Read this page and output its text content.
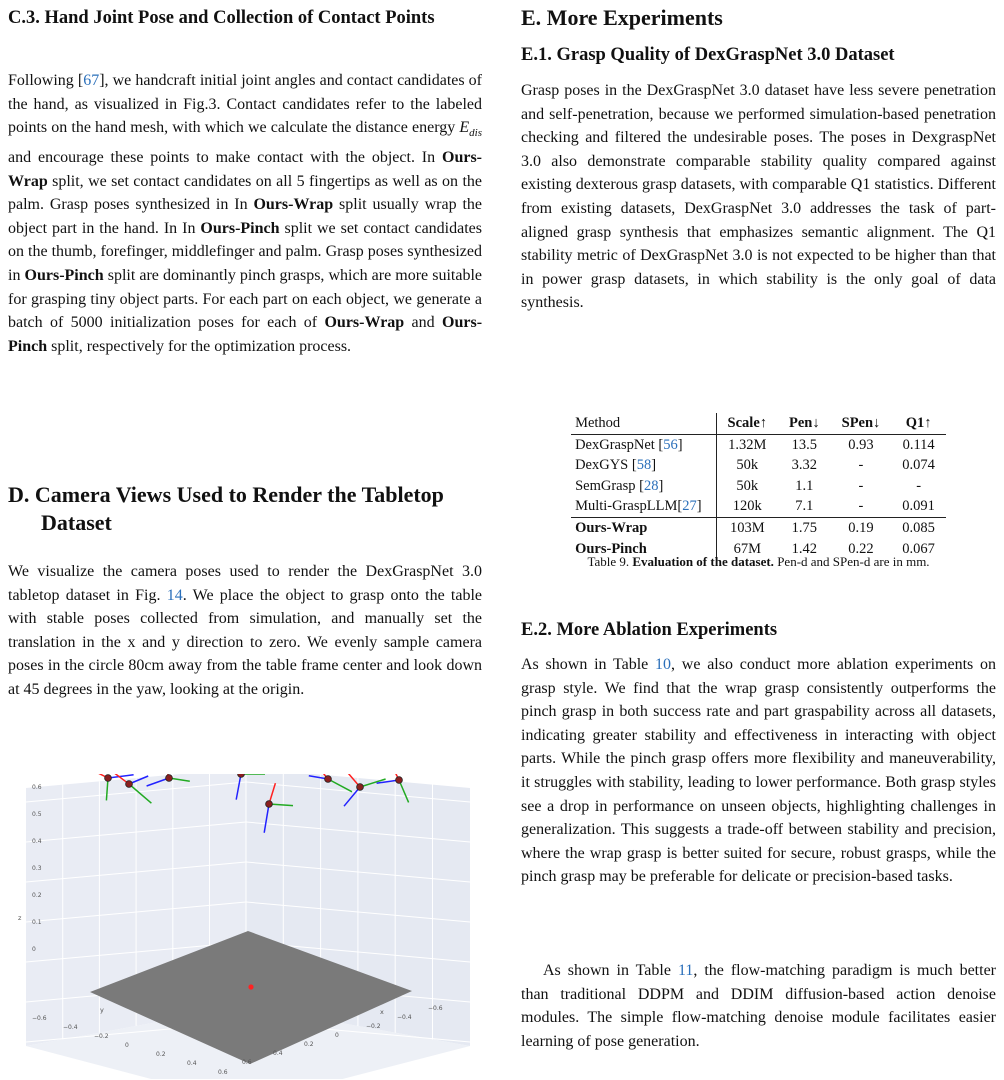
C.3. Hand Joint Pose and Collection of Contact Points

Following [67], we handcraft initial joint angles and contact candidates of the hand, as visualized in Fig.3. Contact candidates refer to the labeled points on the hand mesh, with which we calculate the distance energy $E_{dis}$ and encourage these points to make contact with the object. In Ours-Wrap split, we set contact candidates on all 5 fingertips as well as on the palm. Grasp poses synthesized in In Ours-Wrap split usually wrap the object part in the hand. In In Ours-Pinch split we set contact candidates on the thumb, forefinger, middlefinger and palm. Grasp poses synthesized in Ours-Pinch split are dominantly pinch grasps, which are more suitable for grasping tiny object parts. For each part on each object, we generate a batch of 5000 initialization poses for each of Ours-Wrap and Ours-Pinch split, respectively for the optimization process.

D. Camera Views Used to Render the Tabletop Dataset

We visualize the camera poses used to render the DexGraspNet 3.0 tabletop dataset in Fig. 14. We place the object to grasp onto the table with stable poses collected from simulation, and manually set the translation in the x and y direction to zero. We evenly sample camera poses in the circle 80cm away from the table frame center and look down at 45 degrees in the yaw, looking at the origin.

0.6
0.5
0.4
0.3
0.2
0.1
0
−0.6
−0.4
−0.2
0
0.2
0.4
0.6
−0.6
−0.4
−0.2
0
0.2
0.4
0.6
z
y	x
E. More Experiments
E.1. Grasp Quality of DexGraspNet 3.0 Dataset

Grasp poses in the DexGraspNet 3.0 dataset have less severe penetration and self-penetration, because we performed simulation-based penetration checking and filtered the undesirable poses. The poses in DexgraspNet 3.0 also demonstrate comparable stability quality compared against existing dexterous grasp datasets, with comparable Q1 statistics. Different from existing datasets, DexGraspNet 3.0 addresses the task of part-aligned grasp synthesis that emphasizes semantic alignment. The Q1 stability metric of DexGraspNet 3.0 is not expected to be higher than that in power grasp datasets, in which stability is the only goal of data synthesis.

Method	Scale↑	Pen↓	SPen↓	Q1↑
DexGraspNet [56]	1.32M	13.5	0.93	0.114
DexGYS [58]	50k	3.32	-	0.074
SemGrasp [28]	50k	1.1	-	-
Multi-GraspLLM[27]	120k	7.1	-	0.091
Ours-Wrap	103M	1.75	0.19	0.085
Ours-Pinch	67M	1.42	0.22	0.067
Table 9. Evaluation of the dataset. Pen-d and SPen-d are in mm.
E.2. More Ablation Experiments

As shown in Table 10, we also conduct more ablation experiments on grasp style. We find that the wrap grasp consistently outperforms the pinch grasp in both success rate and part graspability across all datasets, indicating greater stability and effectiveness in interacting with object parts. While the pinch grasp offers more flexibility and maneuverability, it struggles with stability, leading to lower performance. Both grasp styles see a drop in performance on unseen objects, highlighting challenges in generalization. This suggests a trade-off between stability and precision, where the wrap grasp is better suited for secure, robust grasps, while the pinch grasp may be preferable for delicate or precision-based tasks.

As shown in Table 11, the flow-matching paradigm is much better than traditional DDPM and DDIM diffusion-based action denoise modules. The simple flow-matching denoise module facilitates easier learning of pose generation.
